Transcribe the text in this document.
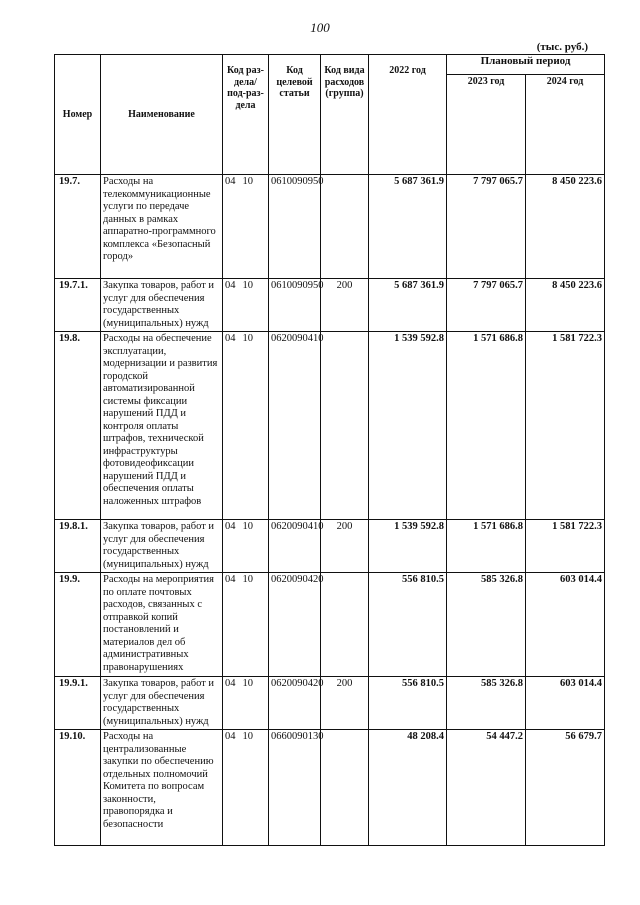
100
(тыс. руб.)
Номер	Наименование	Код раз-дела/ под-раз-дела	Код целевой статьи	Код вида расходов (группа)	2022 год	Плановый период	
						2023 год	2024 год
19.7.	Расходы на телекоммуникационные услуги по передаче данных в рамках аппаратно-программного комплекса «Безопасный город»	04 10	0610090950		5 687 361.9	7 797 065.7	8 450 223.6
19.7.1.	Закупка товаров, работ и услуг для обеспечения государственных (муниципальных) нужд	04 10	0610090950	200	5 687 361.9	7 797 065.7	8 450 223.6
19.8.	Расходы на обеспечение эксплуатации, модернизации и развития городской автоматизированной системы фиксации нарушений ПДД и контроля оплаты штрафов, технической инфраструктуры фотовидеофиксации нарушений ПДД и обеспечения оплаты наложенных штрафов	04 10	0620090410		1 539 592.8	1 571 686.8	1 581 722.3
19.8.1.	Закупка товаров, работ и услуг для обеспечения государственных (муниципальных) нужд	04 10	0620090410	200	1 539 592.8	1 571 686.8	1 581 722.3
19.9.	Расходы на мероприятия по оплате почтовых расходов, связанных с отправкой копий постановлений и материалов дел об административных правонарушениях	04 10	0620090420		556 810.5	585 326.8	603 014.4
19.9.1.	Закупка товаров, работ и услуг для обеспечения государственных (муниципальных) нужд	04 10	0620090420	200	556 810.5	585 326.8	603 014.4
19.10.	Расходы на централизованные закупки по обеспечению отдельных полномочий Комитета по вопросам законности, правопорядка и безопасности	04 10	0660090130		48 208.4	54 447.2	56 679.7
